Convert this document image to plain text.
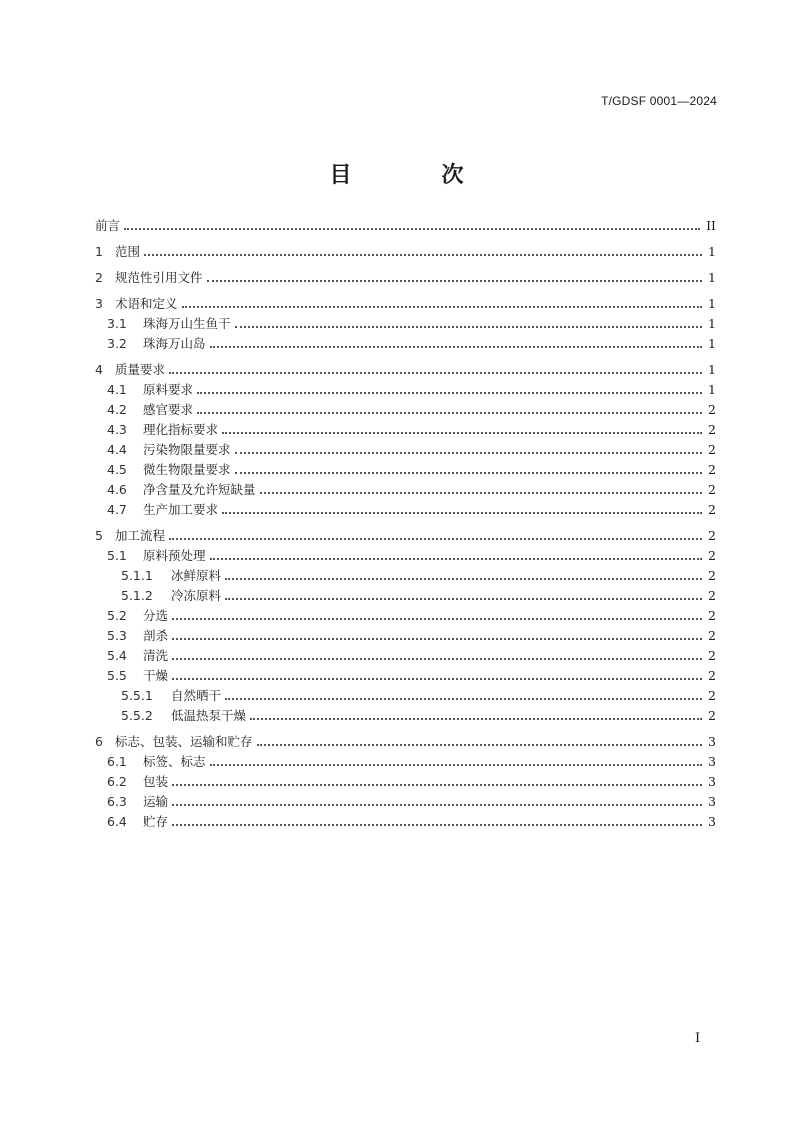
T/GDSF 0001—2024
目　次
前言	II
1 范围	1
2 规范性引用文件	1
3 术语和定义	1
3.1	珠海万山生鱼干	1
3.2	珠海万山岛	1
4 质量要求	1
4.1	原料要求	1
4.2	感官要求	2
4.3	理化指标要求	2
4.4	污染物限量要求	2
4.5	微生物限量要求	2
4.6	净含量及允许短缺量	2
4.7	生产加工要求	2
5 加工流程	2
5.1	原料预处理	2
5.1.1	冰鲜原料	2
5.1.2	冷冻原料	2
5.2	分选	2
5.3	剖杀	2
5.4	清洗	2
5.5	干燥	2
5.5.1	自然晒干	2
5.5.2	低温热泵干燥	2
6 标志、包装、运输和贮存	3
6.1	标签、标志	3
6.2	包装	3
6.3	运输	3
6.4	贮存	3
I
